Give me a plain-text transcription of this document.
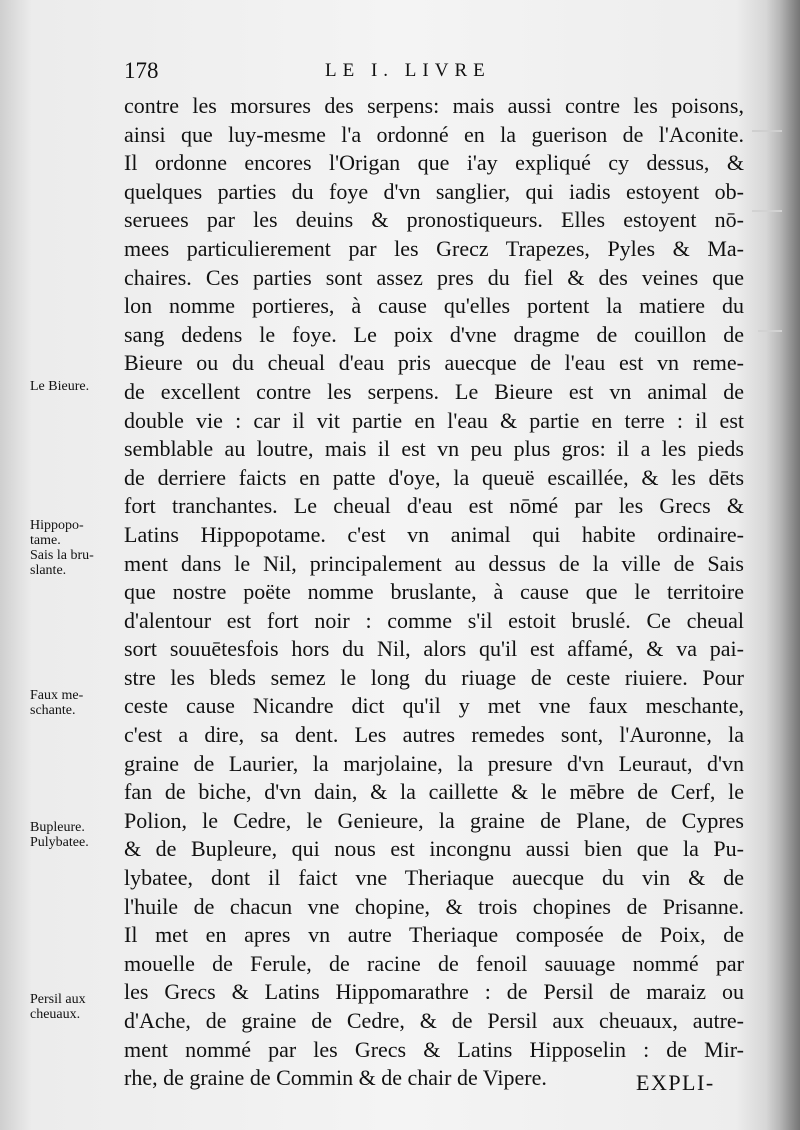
178	LE I. LIVRE
contre les morsures des serpens: mais aussi contre les poisons,
ainsi que luy-mesme l'a ordonné en la guerison de l'Aconite.
Il ordonne encores l'Origan que i'ay expliqué cy dessus, &
quelques parties du foye d'vn sanglier, qui iadis estoyent ob-
seruees par les deuins & pronostiqueurs. Elles estoyent nō-
mees particulierement par les Grecz Trapezes, Pyles & Ma-
chaires. Ces parties sont assez pres du fiel & des veines que
lon nomme portieres, à cause qu'elles portent la matiere du
sang dedens le foye. Le poix d'vne dragme de couillon de
Bieure ou du cheual d'eau pris auecque de l'eau est vn reme-
de excellent contre les serpens. Le Bieure est vn animal de
double vie : car il vit partie en l'eau & partie en terre : il est
semblable au loutre, mais il est vn peu plus gros: il a les pieds
de derriere faicts en patte d'oye, la queuë escaillée, & les dēts
fort tranchantes. Le cheual d'eau est nōmé par les Grecs &
Latins Hippopotame. c'est vn animal qui habite ordinaire-
ment dans le Nil, principalement au dessus de la ville de Sais
que nostre poëte nomme bruslante, à cause que le territoire
d'alentour est fort noir : comme s'il estoit bruslé. Ce cheual
sort souuētesfois hors du Nil, alors qu'il est affamé, & va pai-
stre les bleds semez le long du riuage de ceste riuiere. Pour
ceste cause Nicandre dict qu'il y met vne faux meschante,
c'est a dire, sa dent. Les autres remedes sont, l'Auronne, la
graine de Laurier, la marjolaine, la presure d'vn Leuraut, d'vn
fan de biche, d'vn dain, & la caillette & le mēbre de Cerf, le
Polion, le Cedre, le Genieure, la graine de Plane, de Cypres
& de Bupleure, qui nous est incongnu aussi bien que la Pu-
lybatee, dont il faict vne Theriaque auecque du vin & de
l'huile de chacun vne chopine, & trois chopines de Prisanne.
Il met en apres vn autre Theriaque composée de Poix, de
mouelle de Ferule, de racine de fenoil sauuage nommé par
les Grecs & Latins Hippomarathre : de Persil de maraiz ou
d'Ache, de graine de Cedre, & de Persil aux cheuaux, autre-
ment nommé par les Grecs & Latins Hipposelin : de Mir-
rhe, de graine de Commin & de chair de Vipere.
Le Bieure.
Hippopo-
tame.
Sais la bru-
slante.
Faux me-
schante.
Bupleure.
Pulybatee.
Persil aux
cheuaux.
EXPLI-
